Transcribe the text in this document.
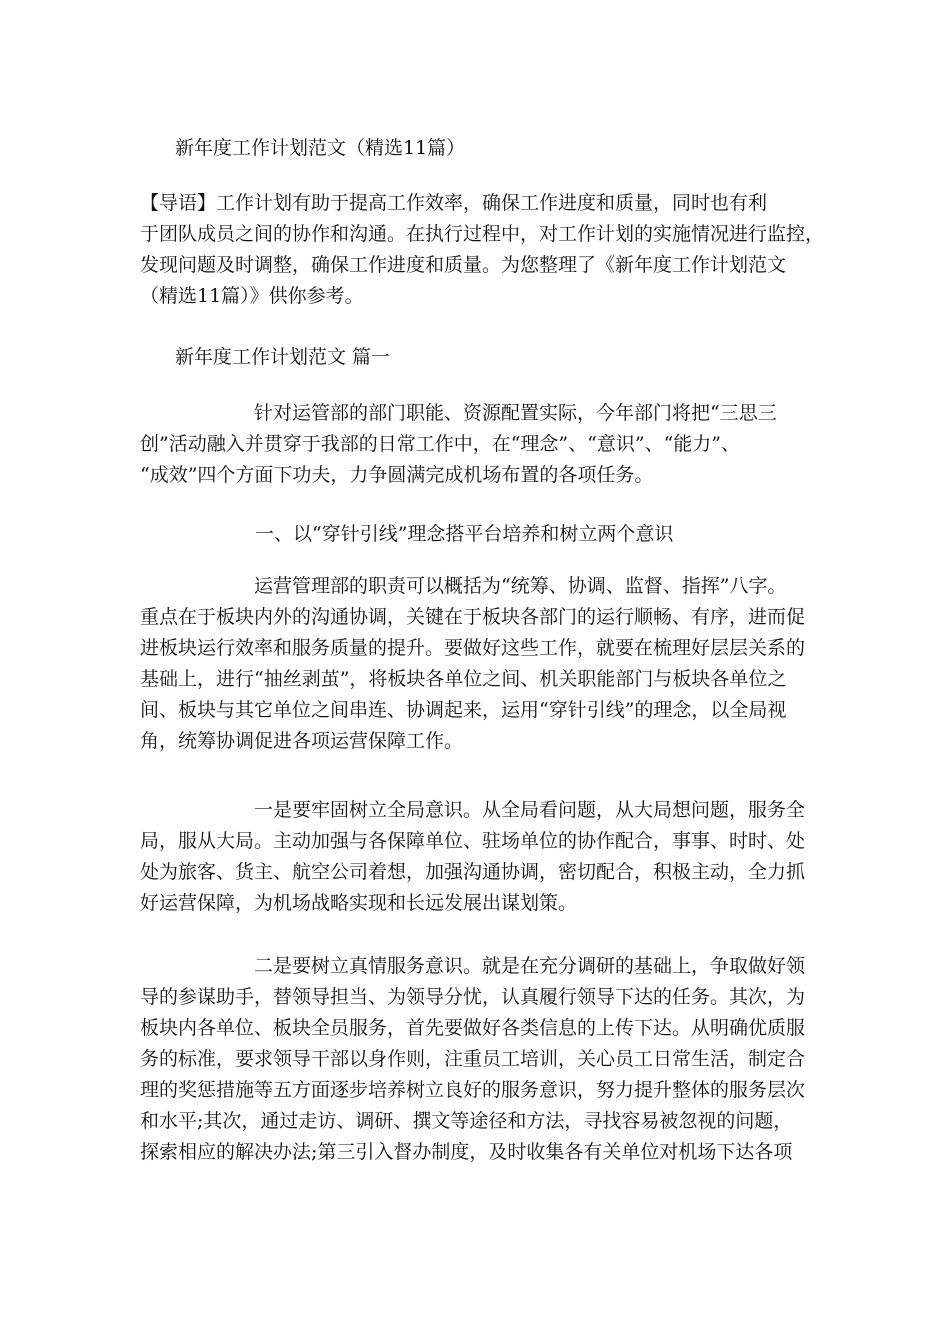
新年度工作计划范文（精选11篇）

【导语】工作计划有助于提高工作效率，确保工作进度和质量，同时也有利
于团队成员之间的协作和沟通。在执行过程中，对工作计划的实施情况进行监控，
发现问题及时调整，确保工作进度和质量。为您整理了《新年度工作计划范文
（精选11篇）》供你参考。

新年度工作计划范文 篇一

针对运管部的部门职能、资源配置实际，今年部门将把“三思三
创”活动融入并贯穿于我部的日常工作中，在“理念”、“意识”、“能力”、
“成效”四个方面下功夫，力争圆满完成机场布置的各项任务。

一、以“穿针引线”理念搭平台培养和树立两个意识

运营管理部的职责可以概括为“统筹、协调、监督、指挥”八字。
重点在于板块内外的沟通协调，关键在于板块各部门的运行顺畅、有序，进而促
进板块运行效率和服务质量的提升。要做好这些工作，就要在梳理好层层关系的
基础上，进行“抽丝剥茧”，将板块各单位之间、机关职能部门与板块各单位之
间、板块与其它单位之间串连、协调起来，运用“穿针引线”的理念，以全局视
角，统筹协调促进各项运营保障工作。
一是要牢固树立全局意识。从全局看问题，从大局想问题，服务全
局，服从大局。主动加强与各保障单位、驻场单位的协作配合，事事、时时、处
处为旅客、货主、航空公司着想，加强沟通协调，密切配合，积极主动，全力抓
好运营保障，为机场战略实现和长远发展出谋划策。
二是要树立真情服务意识。就是在充分调研的基础上，争取做好领
导的参谋助手，替领导担当、为领导分忧，认真履行领导下达的任务。其次，为
板块内各单位、板块全员服务，首先要做好各类信息的上传下达。从明确优质服
务的标准，要求领导干部以身作则，注重员工培训，关心员工日常生活，制定合
理的奖惩措施等五方面逐步培养树立良好的服务意识，努力提升整体的服务层次
和水平;其次，通过走访、调研、撰文等途径和方法，寻找容易被忽视的问题，
探索相应的解决办法;第三引入督办制度，及时收集各有关单位对机场下达各项
